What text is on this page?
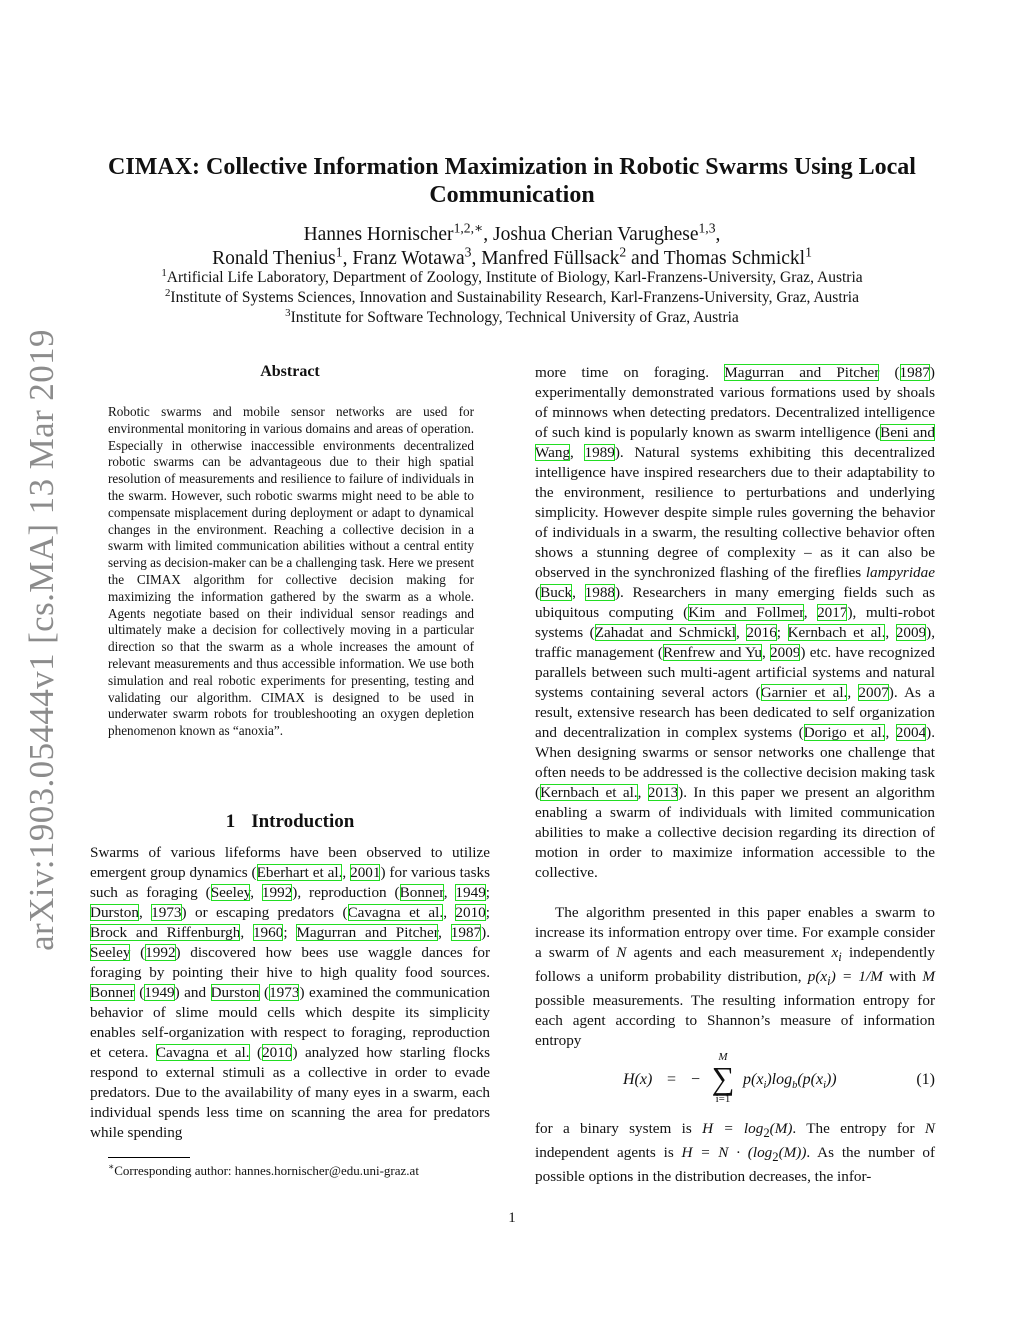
arXiv:1903.05444v1 [cs.MA] 13 Mar 2019
CIMAX: Collective Information Maximization in Robotic Swarms Using Local Communication
Hannes Hornischer$^{1,2,∗}$, Joshua Cherian Varughese$^{1,3}$,
Ronald Thenius$^1$, Franz Wotawa$^3$, Manfred Füllsack$^2$ and Thomas Schmickl$^1$
$^1$Artificial Life Laboratory, Department of Zoology, Institute of Biology, Karl-Franzens-University, Graz, Austria
$^2$Institute of Systems Sciences, Innovation and Sustainability Research, Karl-Franzens-University, Graz, Austria
$^3$Institute for Software Technology, Technical University of Graz, Austria
Abstract
Robotic swarms and mobile sensor networks are used for environmental monitoring in various domains and areas of operation. Especially in otherwise inaccessible environments decentralized robotic swarms can be advantageous due to their high spatial resolution of measurements and resilience to failure of individuals in the swarm. However, such robotic swarms might need to be able to compensate misplacement during deployment or adapt to dynamical changes in the environment. Reaching a collective decision in a swarm with limited communication abilities without a central entity serving as decision-maker can be a challenging task. Here we present the CIMAX algorithm for collective decision making for maximizing the information gathered by the swarm as a whole. Agents negotiate based on their individual sensor readings and ultimately make a decision for collectively moving in a particular direction so that the swarm as a whole increases the amount of relevant measurements and thus accessible information. We use both simulation and real robotic experiments for presenting, testing and validating our algorithm. CIMAX is designed to be used in underwater swarm robots for troubleshooting an oxygen depletion phenomenon known as “anoxia”.
1 Introduction

Swarms of various lifeforms have been observed to utilize emergent group dynamics (Eberhart et al., 2001) for various tasks such as foraging (Seeley, 1992), reproduction (Bonner, 1949; Durston, 1973) or escaping predators (Cavagna et al., 2010; Brock and Riffenburgh, 1960; Magurran and Pitcher, 1987). Seeley (1992) discovered how bees use waggle dances for foraging by pointing their hive to high quality food sources. Bonner (1949) and Durston (1973) examined the communication behavior of slime mould cells which despite its simplicity enables self-organization with respect to foraging, reproduction et cetera. Cavagna et al. (2010) analyzed how starling flocks respond to external stimuli as a collective in order to evade predators. Due to the availability of many eyes in a swarm, each individual spends less time on scanning the area for predators while spending

more time on foraging. Magurran and Pitcher (1987) experimentally demonstrated various formations used by shoals of minnows when detecting predators. Decentralized intelligence of such kind is popularly known as swarm intelligence (Beni and Wang, 1989). Natural systems exhibiting this decentralized intelligence have inspired researchers due to their adaptability to the environment, resilience to perturbations and underlying simplicity. However despite simple rules governing the behavior of individuals in a swarm, the resulting collective behavior often shows a stunning degree of complexity – as it can also be observed in the synchronized flashing of the fireflies lampyridae (Buck, 1988). Researchers in many emerging fields such as ubiquitous computing (Kim and Follmer, 2017), multi-robot systems (Zahadat and Schmickl, 2016; Kernbach et al., 2009), traffic management (Renfrew and Yu, 2009) etc. have recognized parallels between such multi-agent artificial systems and natural systems containing several actors (Garnier et al., 2007). As a result, extensive research has been dedicated to self organization and decentralization in complex systems (Dorigo et al., 2004). When designing swarms or sensor networks one challenge that often needs to be addressed is the collective decision making task (Kernbach et al., 2013). In this paper we present an algorithm enabling a swarm of individuals with limited communication abilities to make a collective decision regarding its direction of motion in order to maximize information accessible to the collective.

The algorithm presented in this paper enables a swarm to increase its information entropy over time. For example consider a swarm of N agents and each measurement $x_i$ independently follows a uniform probability distribution, $p(x_i) = 1/M$ with M possible measurements. The resulting information entropy for each agent according to Shannon’s measure of information entropy

H(x) = −
M
∑
i=1
$p(x_i)\log_b(p(x_i))$	(1)

for a binary system is $H = \log_2(M)$. The entropy for N independent agents is $H = N \cdot (\log_2(M))$. As the number of possible options in the distribution decreases, the infor-

∗Corresponding author: hannes.hornischer@edu.uni-graz.at
1
